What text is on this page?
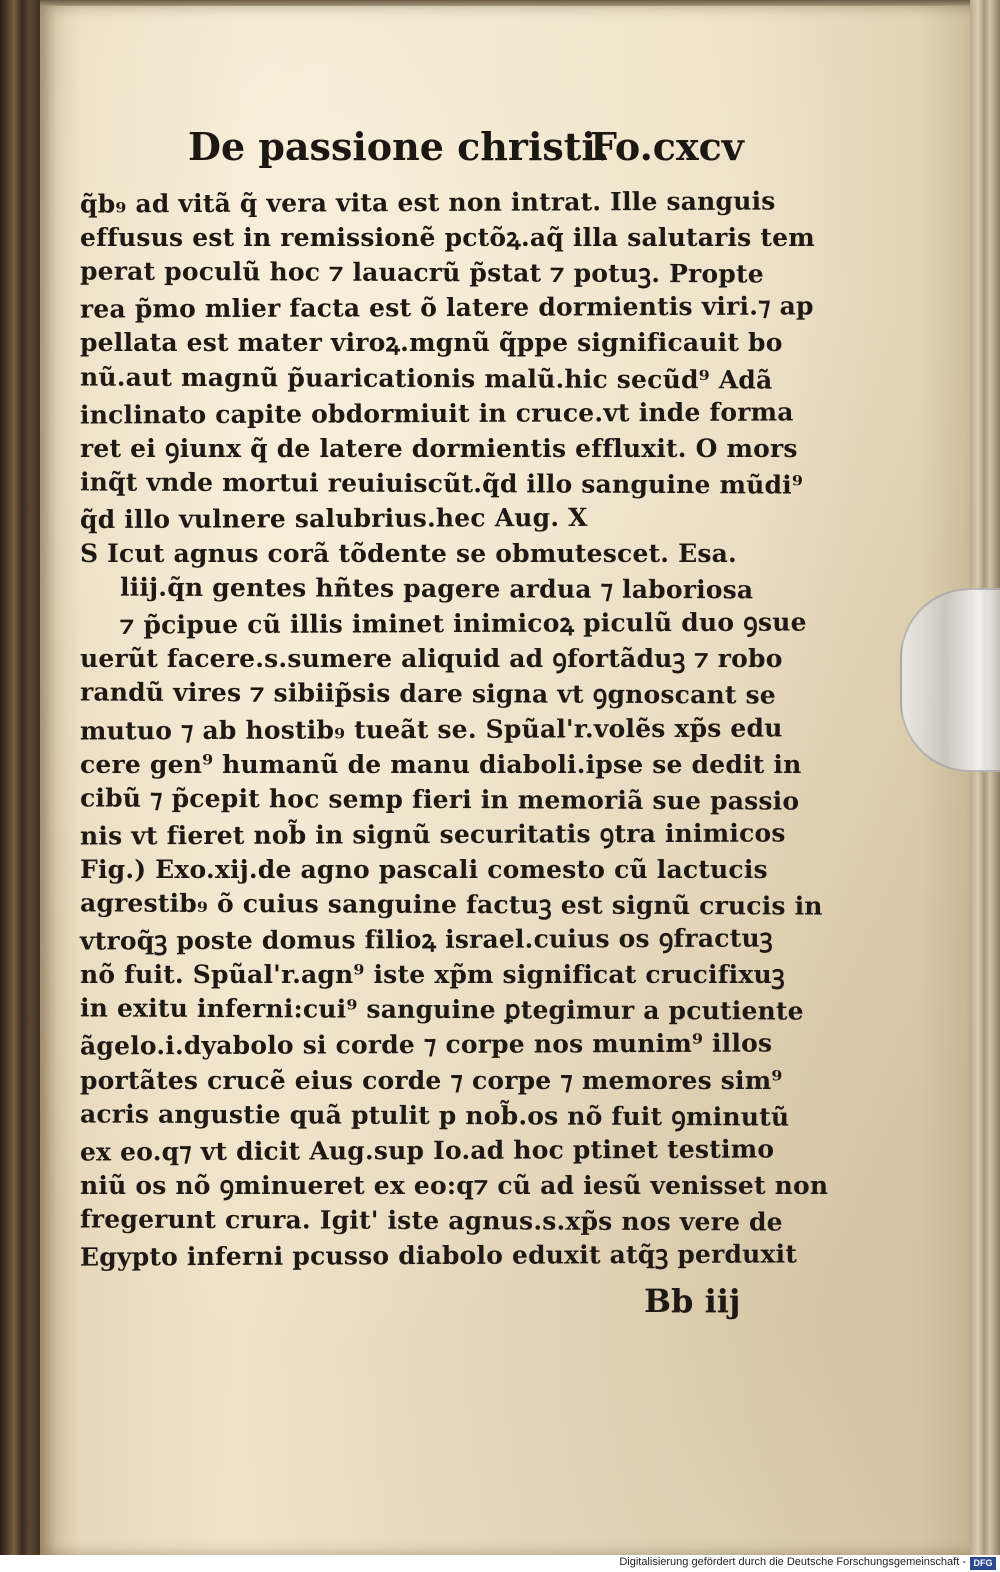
De passione christi.
Fo.cxcv
q̃b₉ ad vitã q̃ vera vita est non intrat. Ille sanguis
effusus est in remissionẽ pctõꝝ.aq̃ illa salutaris tem
perat poculũ hoc ⁊ lauacrũ p̃stat ⁊ potuꝫ. Propte
rea p̃mo mlier facta est õ latere dormientis viri.⁊ ap
pellata est mater viroꝝ.mgnũ q̃ppe significauit bo
nũ.aut magnũ p̃uaricationis malũ.hic secũd⁹ Adã
inclinato capite obdormiuit in cruce.vt inde forma
ret ei ꝯiunx q̃ de latere dormientis effluxit. O mors
inq̃t vnde mortui reuiuiscũt.q̃d illo sanguine mũdi⁹
q̃d illo vulnere salubrius.hec Aug. X
S Icut agnus corã tõdente se obmutescet. Esa.
liij.q̃n gentes hñtes pagere ardua ⁊ laboriosa
⁊ p̃cipue cũ illis iminet inimicoꝝ piculũ duo ꝯsue
uerũt facere.s.sumere aliquid ad ꝯfortãduꝫ ⁊ robo
randũ vires ⁊ sibiip̃sis dare signa vt ꝯgnoscant se
mutuo ⁊ ab hostib₉ tueãt se. Spũal'r.volẽs xp̃s edu
cere gen⁹ humanũ de manu diaboli.ipse se dedit in
cibũ ⁊ p̃cepit hoc semp fieri in memoriã sue passio
nis vt fieret nob̃ in signũ securitatis ꝯtra inimicos
Fig.) Exo.xij.de agno pascali comesto cũ lactucis
agrestib₉ õ cuius sanguine factuꝫ est signũ crucis in
vtroq̃ꝫ poste domus filioꝝ israel.cuius os ꝯfractuꝫ
nõ fuit. Spũal'r.agn⁹ iste xp̃m significat crucifixuꝫ
in exitu inferni:cui⁹ sanguine ꝑtegimur a pcutiente
ãgelo.i.dyabolo si corde ⁊ corpe nos munim⁹ illos
portãtes crucẽ eius corde ⁊ corpe ⁊ memores sim⁹
acris angustie quã ptulit p nob̃.os nõ fuit ꝯminutũ
ex eo.q⁊ vt dicit Aug.sup Io.ad hoc ptinet testimo
niũ os nõ ꝯminueret ex eo:q⁊ cũ ad iesũ venisset non
fregerunt crura. Igit' iste agnus.s.xp̃s nos vere de
Egypto inferni pcusso diabolo eduxit atq̃ꝫ perduxit
Bb iij
Digitalisierung gefördert durch die Deutsche Forschungsgemeinschaft - DFG
